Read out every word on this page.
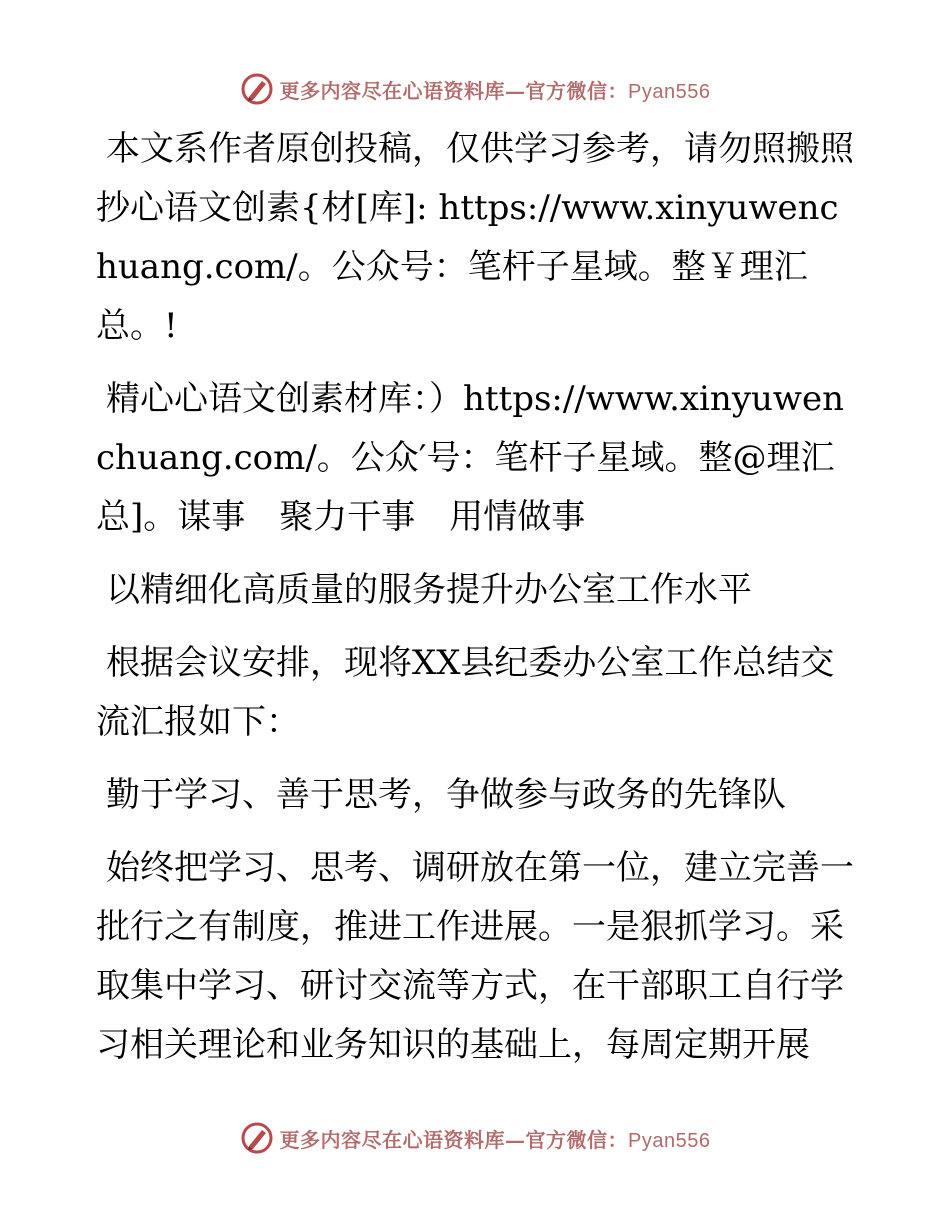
更多内容尽在心语资料库—官方微信：Pyan556

本文系作者原创投稿，仅供学习参考，请勿照搬照抄心语文创素{材[库]: https://www.xinyuwenchuang.com/。公众号：笔杆子星域。整￥理汇总。!

精心心语文创素材库：）https://www.xinyuwenchuang.com/。公众′号：笔杆子星域。整@理汇总]。谋事　聚力干事　用情做事

以精细化高质量的服务提升办公室工作水平

根据会议安排，现将XX县纪委办公室工作总结交流汇报如下：

勤于学习、善于思考，争做参与政务的先锋队

始终把学习、思考、调研放在第一位，建立完善一批行之有制度，推进工作进展。一是狠抓学习。采取集中学习、研讨交流等方式，在干部职工自行学习相关理论和业务知识的基础上，每周定期开展

更多内容尽在心语资料库—官方微信：Pyan556
